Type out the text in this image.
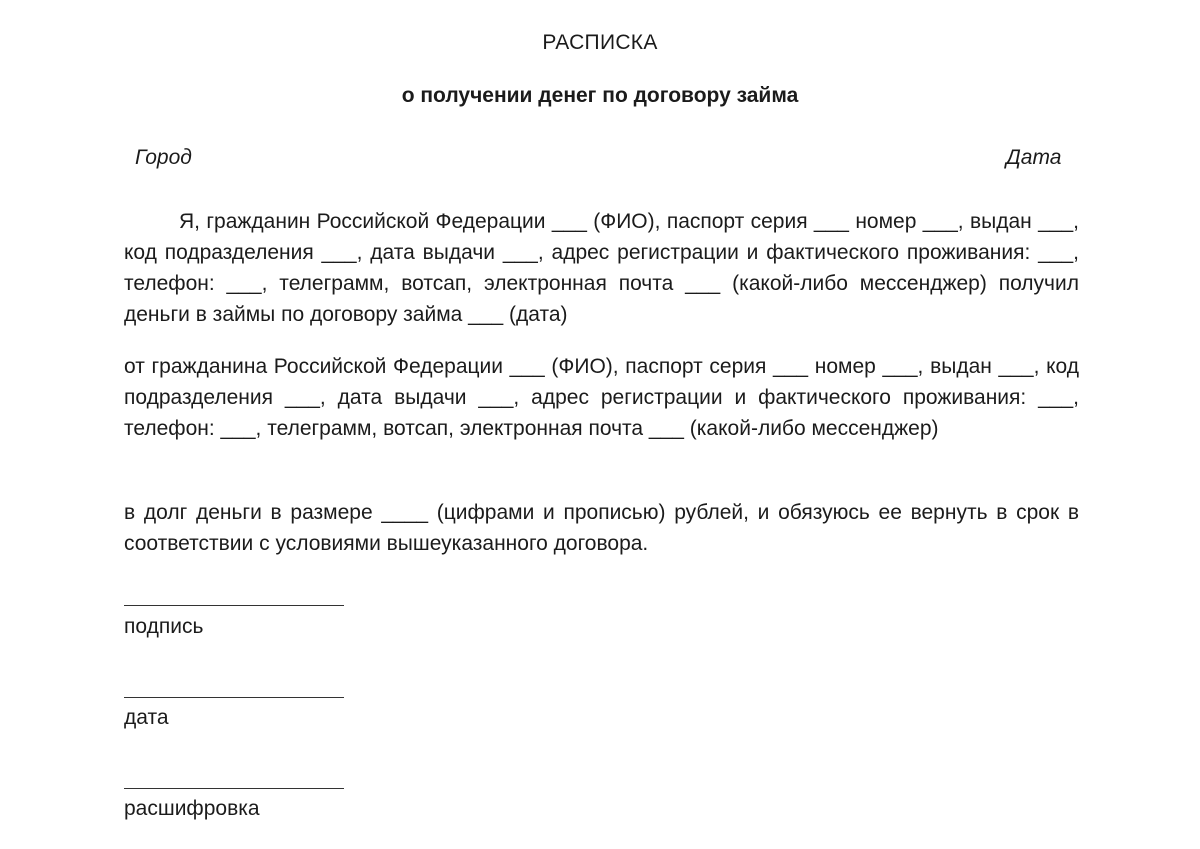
РАСПИСКА
о получении денег по договору займа
Город	Дата

Я, гражданин Российской Федерации ___ (ФИО), паспорт серия ___ номер ___, выдан ___, код подразделения ___, дата выдачи ___, адрес регистрации и фактического проживания: ___, телефон: ___, телеграмм, вотсап, электронная почта ___ (какой-либо мессенджер) получил деньги в займы по договору займа ___ (дата)

от гражданина Российской Федерации ___ (ФИО), паспорт серия ___ номер ___, выдан ___, код подразделения ___, дата выдачи ___, адрес регистрации и фактического проживания: ___, телефон: ___, телеграмм, вотсап, электронная почта ___ (какой-либо мессенджер)

в долг деньги в размере ____ (цифрами и прописью) рублей, и обязуюсь ее вернуть в срок в соответствии с условиями вышеуказанного договора.

подпись
дата
расшифровка
